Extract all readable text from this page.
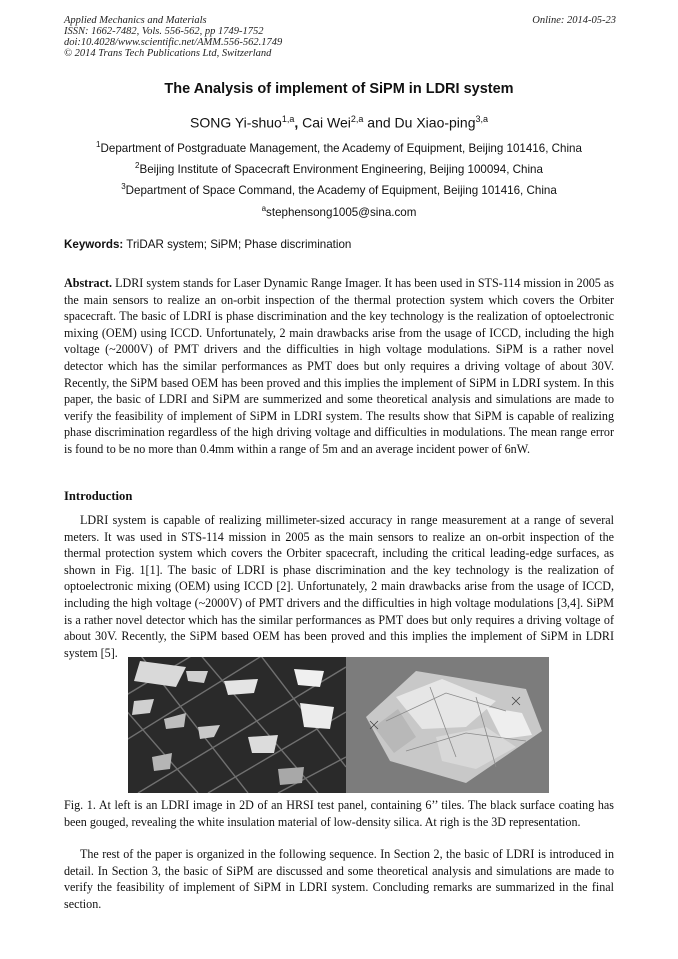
Applied Mechanics and Materials
ISSN: 1662-7482, Vols. 556-562, pp 1749-1752
doi:10.4028/www.scientific.net/AMM.556-562.1749
© 2014 Trans Tech Publications Ltd, Switzerland
Online: 2014-05-23
The Analysis of implement of SiPM in LDRI system
SONG Yi-shuo$^{1,a}$, Cai Wei$^{2,a}$ and Du Xiao-ping$^{3,a}$
$^1$Department of Postgraduate Management, the Academy of Equipment, Beijing 101416, China
$^2$Beijing Institute of Spacecraft Environment Engineering, Beijing 100094, China
$^3$Department of Space Command, the Academy of Equipment, Beijing 101416, China
$^a$stephensong1005@sina.com
Keywords: TriDAR system; SiPM; Phase discrimination
Abstract. LDRI system stands for Laser Dynamic Range Imager. It has been used in STS-114 mission in 2005 as the main sensors to realize an on-orbit inspection of the thermal protection system which covers the Orbiter spacecraft. The basic of LDRI is phase discrimination and the key technology is the realization of optoelectronic mixing (OEM) using ICCD. Unfortunately, 2 main drawbacks arise from the usage of ICCD, including the high voltage (~2000V) of PMT drivers and the difficulties in high voltage modulations. SiPM is a rather novel detector which has the similar performances as PMT does but only requires a driving voltage of about 30V. Recently, the SiPM based OEM has been proved and this implies the implement of SiPM in LDRI system. In this paper, the basic of LDRI and SiPM are summerized and some theoretical analysis and simulations are made to verify the feasibility of implement of SiPM in LDRI system. The results show that SiPM is capable of realizing phase discrimination regardless of the high driving voltage and difficulties in modulations. The mean range error is found to be no more than 0.4mm within a range of 5m and an average incident power of 6nW.
Introduction
LDRI system is capable of realizing millimeter-sized accuracy in range measurement at a range of several meters. It was used in STS-114 mission in 2005 as the main sensors to realize an on-orbit inspection of the thermal protection system which covers the Orbiter spacecraft, including the critical leading-edge surfaces, as shown in Fig. 1[1]. The basic of LDRI is phase discrimination and the key technology is the realization of optoelectronic mixing (OEM) using ICCD [2]. Unfortunately, 2 main drawbacks arise from the usage of ICCD, including the high voltage (~2000V) of PMT drivers and the difficulties in high voltage modulations [3,4]. SiPM is a rather novel detector which has the similar performances as PMT does but only requires a driving voltage of about 30V. Recently, the SiPM based OEM has been proved and this implies the implement of SiPM in LDRI system [5].
Fig. 1. At left is an LDRI image in 2D of an HRSI test panel, containing 6’’ tiles. The black surface coating has been gouged, revealing the white insulation material of low-density silica. At righ is the 3D representation.
The rest of the paper is organized in the following sequence. In Section 2, the basic of LDRI is introduced in detail. In Section 3, the basic of SiPM are discussed and some theoretical analysis and simulations are made to verify the feasibility of implement of SiPM in LDRI system. Concluding remarks are summarized in the final section.
